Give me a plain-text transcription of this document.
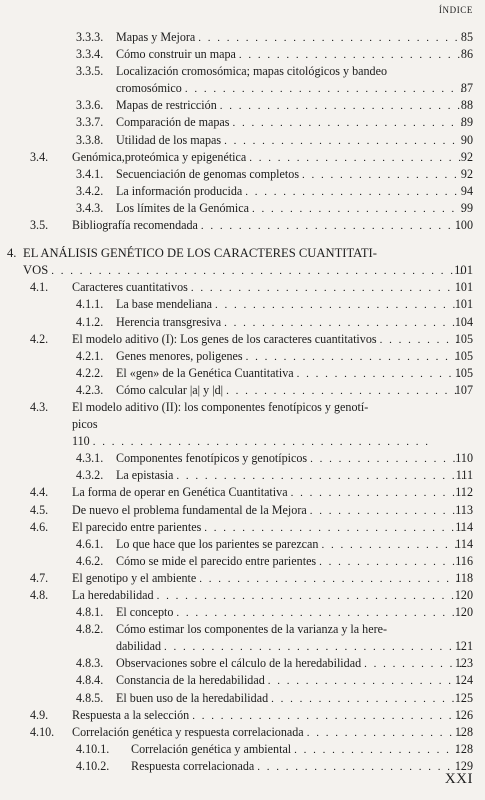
ÍNDICE
3.3.3. Mapas y Mejora . . .	85
3.3.4. Cómo construir un mapa . . .	86
3.3.5. Localización cromosómica; mapas citológicos y bandeo
cromosómico . . .	87
3.3.6. Mapas de restricción . . .	88
3.3.7. Comparación de mapas . . .	89
3.3.8. Utilidad de los mapas . . .	90
3.4. Genómica,proteómica y epigenética . . .	92
3.4.1. Secuenciación de genomas completos . . .	92
3.4.2. La información producida . . .	94
3.4.3. Los límites de la Genómica . . .	99
3.5. Bibliografía recomendada . . .	100
4. EL ANÁLISIS GENÉTICO DE LOS CARACTERES CUANTITATI-
VOS . . .	101
4.1. Caracteres cuantitativos . . .	101
4.1.1. La base mendeliana . . .	101
4.1.2. Herencia transgresiva . . .	104
4.2. El modelo aditivo (I): Los genes de los caracteres cuantitativos . . .	105
4.2.1. Genes menores, poligenes . . .	105
4.2.2. El «gen» de la Genética Cuantitativa . . .	105
4.2.3. Cómo calcular |a| y |d| . . .	107
4.3. El modelo aditivo (II): los componentes fenotípicos y genotí-
picos
110
. . .
4.3.1. Componentes fenotípicos y genotípicos . . .	110
4.3.2. La epistasia . . .	111
4.4. La forma de operar en Genética Cuantitativa . . .	112
4.5. De nuevo el problema fundamental de la Mejora . . .	113
4.6. El parecido entre parientes . . .	114
4.6.1. Lo que hace que los parientes se parezcan . . .	114
4.6.2. Cómo se mide el parecido entre parientes . . .	116
4.7. El genotipo y el ambiente . . .	118
4.8. La heredabilidad . . .	120
4.8.1. El concepto . . .	120
4.8.2. Cómo estimar los componentes de la varianza y la here-
dabilidad . . .	121
4.8.3. Observaciones sobre el cálculo de la heredabilidad . . .	123
4.8.4. Constancia de la heredabilidad . . .	124
4.8.5. El buen uso de la heredabilidad . . .	125
4.9. Respuesta a la selección . . .	126
4.10. Correlación genética y respuesta correlacionada . . .	128
4.10.1. Correlación genética y ambiental . . .	128
4.10.2. Respuesta correlacionada . . .	129
XXI
